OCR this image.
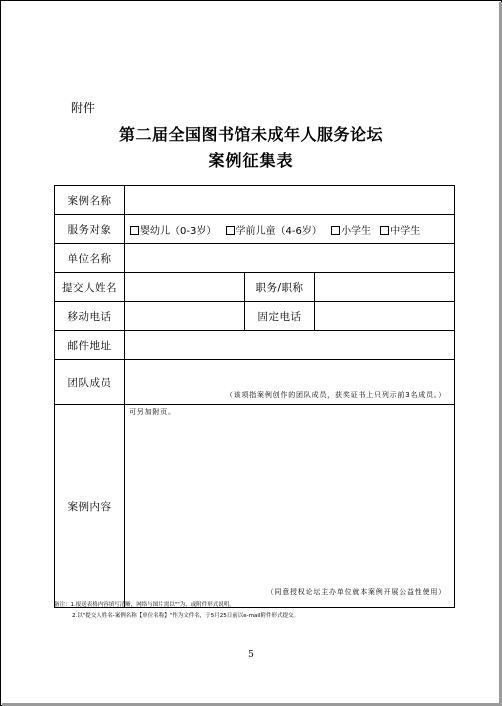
附件
第二届全国图书馆未成年人服务论坛
案例征集表
案例名称			
服务对象	婴幼儿（0-3岁） 学前儿童（4-6岁） 小学生 中学生		
单位名称			
提交人姓名		职务/职称	
移动电话		固定电话	
邮件地址			
团队成员	（该项指案例创作的团队成员，获奖证书上只列示前3名成员。）		

案例内容	可另加附页。
（同意授权论坛主办单位就本案例开展公益性使用）		
备注：1.报送表格内容填写清晰，网络与图片需以""为，或附件形式说明。
2.以"提交人姓名-案例名称【单位名称】"作为文件名，于5月25日前以e-mail附件形式提交。
5
